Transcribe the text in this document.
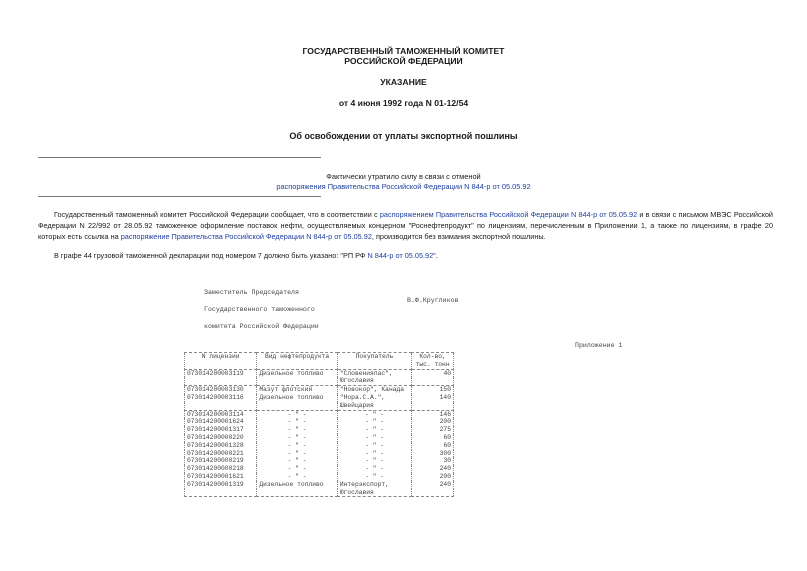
ГОСУДАРСТВЕННЫЙ ТАМОЖЕННЫЙ КОМИТЕТ
РОССИЙСКОЙ ФЕДЕРАЦИИ
УКАЗАНИЕ
от 4 июня 1992 года N 01-12/54
Об освобождении от уплаты экспортной пошлины
Фактически утратило силу в связи с отменой
распоряжения Правительства Российской Федерации N 844-р от 05.05.92

Государственный таможенный комитет Российской Федерации сообщает, что в соответствии с распоряжением Правительства Российской Федерации N 844-р от 05.05.92 и в связи с письмом МВЭС Российской Федерации N 22/992 от 28.05.92 таможенное оформление поставок нефти, осуществляемых концерном "Роснефтепродукт" по лицензиям, перечисленным в Приложении 1, а также по лицензиям, в графе 20 которых есть ссылка на распоряжение Правительства Российской Федерации N 844-р от 05.05.92, производится без взимания экспортной пошлины.

В графе 44 грузовой таможенной декларации под номером 7 должно быть указано: "РП РФ N 844-р от 05.05.92".

Заместитель Председателя

Государственного таможенного

комитета Российской Федерации

В.Ф.Кругликов
Приложение 1
N лицензии	Вид нефтепродукта	Покупатель	Кол-во,
тыс. тонн
073014200003119	Дизельное топливо	"Словенияпас",	40
		Югославия	
073014200003130	Мазут флотский	"Новокор", Канада	150
073014200003116	Дизельное топливо	"Нора.С.А.",	140
		Швейцария	
073014200003114	- " -	- " -	146
073014200001624	- " -	- " -	200
073014200001317	- " -	- " -	275
073014200000220	- " -	- " -	60
073014200001328	- " -	- " -	60
073014200000221	- " -	- " -	300
073014200000219	- " -	- " -	30
073014200000218	- " -	- " -	240
073014200001621	- " -	- " -	200
073014200001319	Дизельное топливо	Интерэкспорт,	240
		Югославия	
